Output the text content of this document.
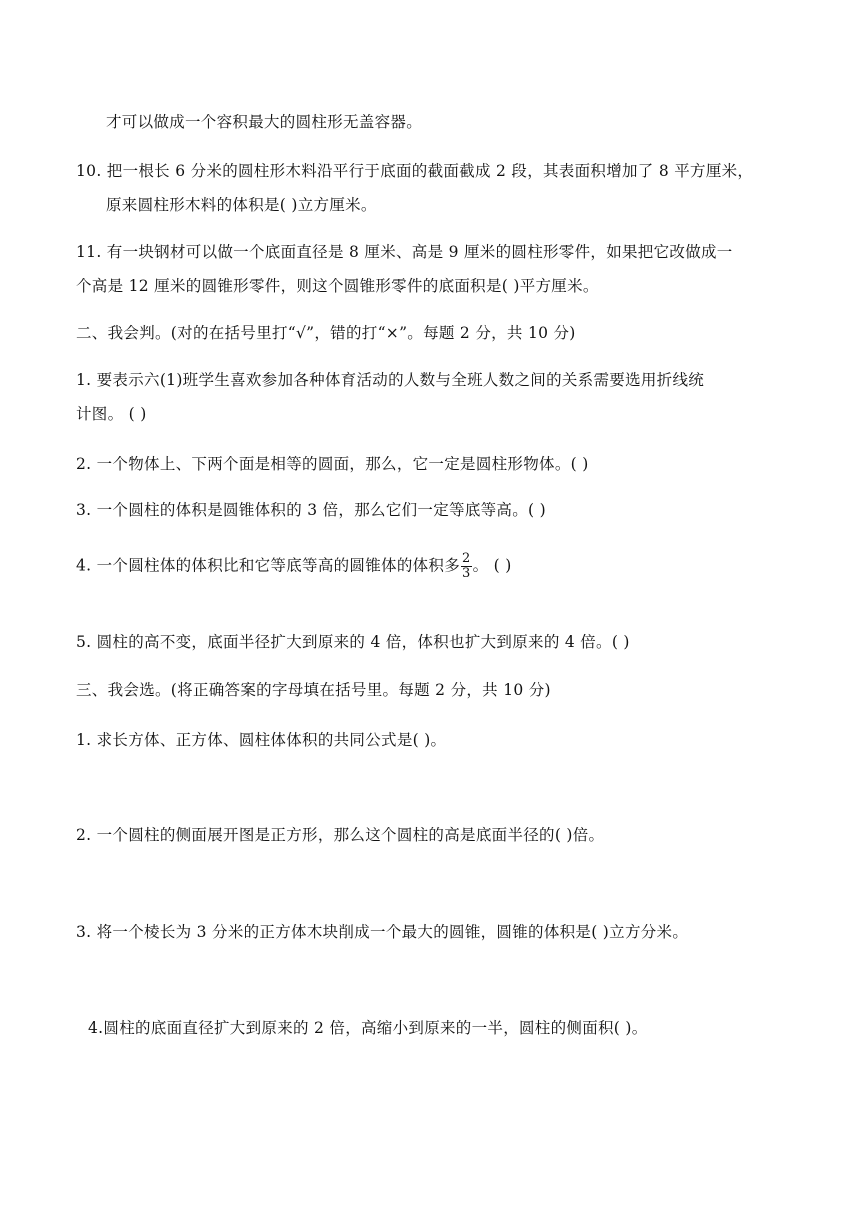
才可以做成一个容积最大的圆柱形无盖容器。
10. 把一根长 6 分米的圆柱形木料沿平行于底面的截面截成 2 段，其表面积增加了 8 平方厘米，
原来圆柱形木料的体积是( )立方厘米。
11. 有一块钢材可以做一个底面直径是 8 厘米、高是 9 厘米的圆柱形零件，如果把它改做成一
个高是 12 厘米的圆锥形零件，则这个圆锥形零件的底面积是( )平方厘米。
二、我会判。(对的在括号里打“√”，错的打“×”。每题 2 分，共 10 分)
1. 要表示六(1)班学生喜欢参加各种体育活动的人数与全班人数之间的关系需要选用折线统
计图。 ( )
2. 一个物体上、下两个面是相等的圆面，那么，它一定是圆柱形物体。( )
3. 一个圆柱的体积是圆锥体积的 3 倍，那么它们一定等底等高。( )
4. 一个圆柱体的体积比和它等底等高的圆锥体的体积多 $\frac{2}{3}$ 。 ( )
5. 圆柱的高不变，底面半径扩大到原来的 4 倍，体积也扩大到原来的 4 倍。( )
三、我会选。(将正确答案的字母填在括号里。每题 2 分，共 10 分)
1. 求长方体、正方体、圆柱体体积的共同公式是( )。
2. 一个圆柱的侧面展开图是正方形，那么这个圆柱的高是底面半径的( )倍。
3. 将一个棱长为 3 分米的正方体木块削成一个最大的圆锥，圆锥的体积是( )立方分米。
4.圆柱的底面直径扩大到原来的 2 倍，高缩小到原来的一半，圆柱的侧面积( )。
